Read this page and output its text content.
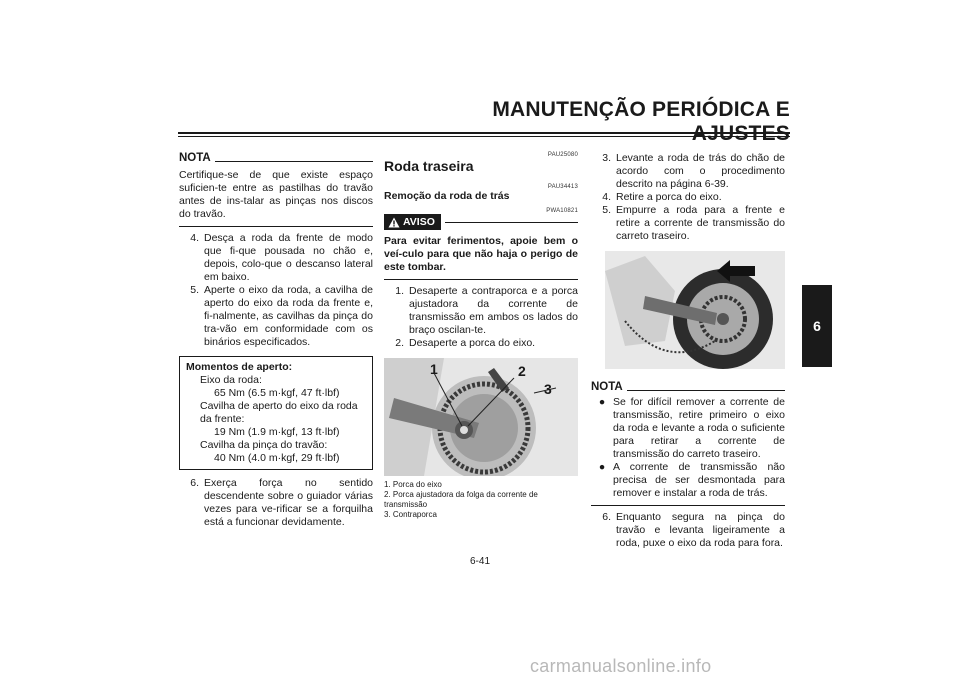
MANUTENÇÃO PERIÓDICA E
6
NOTA
Certifique-se de que existe espaço suficien-te entre as pastilhas do travão antes de ins-talar as pinças nos discos do travão.
4. Desça a roda da frente de modo que fi-que pousada no chão e, depois, colo-que o descanso lateral em baixo.
5. Aperte o eixo da roda, a cavilha de aperto do eixo da roda da frente e, fi-nalmente, as cavilhas da pinça do tra-vão em conformidade com os binários especificados.
Momentos de aperto:
Eixo da roda:
65 Nm (6.5 m·kgf, 47 ft·lbf)
Cavilha de aperto do eixo da roda da frente:
19 Nm (1.9 m·kgf, 13 ft·lbf)
Cavilha da pinça do travão:
40 Nm (4.0 m·kgf, 29 ft·lbf)
6. Exerça força no sentido descendente sobre o guiador várias vezes para ve-rificar se a forquilha está a funcionar devidamente.
PAU25080
Roda traseira
PAU34413
Remoção da roda de trás
PWA10821
AVISO
Para evitar ferimentos, apoie bem o veí-culo para que não haja o perigo de este tombar.
1. Desaperte a contraporca e a porca ajustadora da corrente de transmissão em ambos os lados do braço oscilan-te.
2. Desaperte a porca do eixo.
1	2
3
1. Porca do eixo
2. Porca ajustadora da folga da corrente de transmissão
3. Contraporca
3. Levante a roda de trás do chão de acordo com o procedimento descrito na página 6-39.
4. Retire a porca do eixo.
5. Empurre a roda para a frente e retire a corrente de transmissão do carreto traseiro.
NOTA
● Se for difícil remover a corrente de transmissão, retire primeiro o eixo da roda e levante a roda o suficiente para retirar a corrente de transmissão do carreto traseiro.
● A corrente de transmissão não precisa de ser desmontada para remover e instalar a roda de trás.
6. Enquanto segura na pinça do travão e levanta ligeiramente a roda, puxe o eixo da roda para fora.
6-41
carmanualsonline.info
